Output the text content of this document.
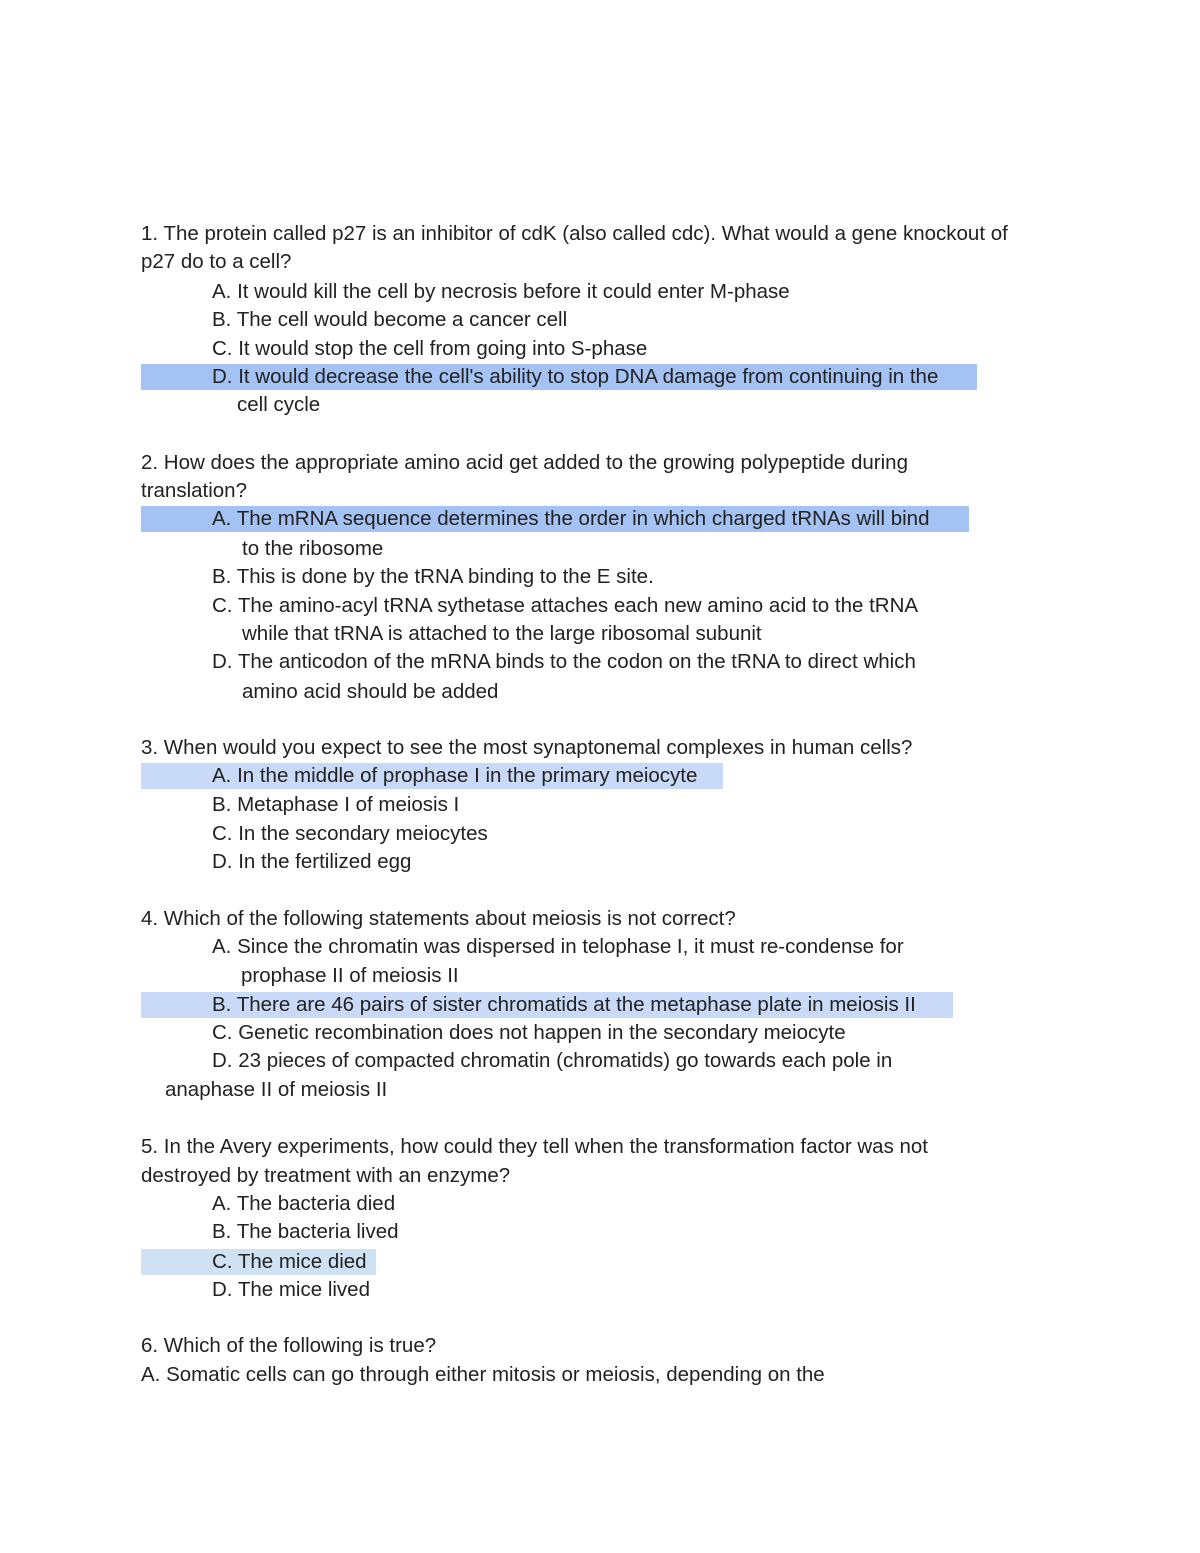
1. The protein called p27 is an inhibitor of cdK (also called cdc). What would a gene knockout of
p27 do to a cell?
A. It would kill the cell by necrosis before it could enter M-phase
B. The cell would become a cancer cell
C. It would stop the cell from going into S-phase
D. It would decrease the cell's ability to stop DNA damage from continuing in the
cell cycle
2. How does the appropriate amino acid get added to the growing polypeptide during
translation?
A. The mRNA sequence determines the order in which charged tRNAs will bind
to the ribosome
B. This is done by the tRNA binding to the E site.
C. The amino-acyl tRNA sythetase attaches each new amino acid to the tRNA
while that tRNA is attached to the large ribosomal subunit
D. The anticodon of the mRNA binds to the codon on the tRNA to direct which
amino acid should be added
3. When would you expect to see the most synaptonemal complexes in human cells?
A. In the middle of prophase I in the primary meiocyte
B. Metaphase I of meiosis I
C. In the secondary meiocytes
D. In the fertilized egg
4. Which of the following statements about meiosis is not correct?
A. Since the chromatin was dispersed in telophase I, it must re-condense for
prophase II of meiosis II
B. There are 46 pairs of sister chromatids at the metaphase plate in meiosis II
C. Genetic recombination does not happen in the secondary meiocyte
D. 23 pieces of compacted chromatin (chromatids) go towards each pole in
anaphase II of meiosis II
5. In the Avery experiments, how could they tell when the transformation factor was not
destroyed by treatment with an enzyme?
A. The bacteria died
B. The bacteria lived
C. The mice died
D. The mice lived
6. Which of the following is true?
A. Somatic cells can go through either mitosis or meiosis, depending on the
